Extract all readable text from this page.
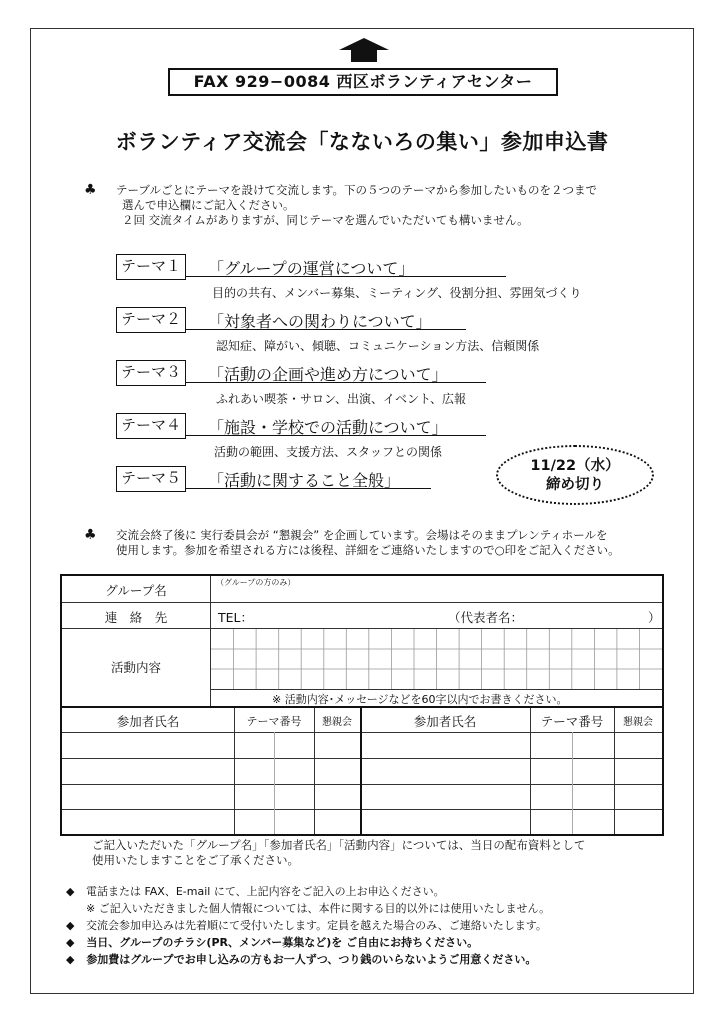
FAX 929−0084 西区ボランティアセンター
ボランティア交流会「なないろの集い」参加申込書
♣ テーブルごとにテーマを設けて交流します。下の５つのテーマから参加したいものを２つまで
選んで申込欄にご記入ください。
２回 交流タイムがありますが、同じテーマを選んでいただいても構いません。
テーマ１	「グループの運営について」
目的の共有、メンバー募集、ミーティング、役割分担、雰囲気づくり
テーマ２	「対象者への関わりについて」
認知症、障がい、傾聴、コミュニケーション方法、信頼関係
テーマ３	「活動の企画や進め方について」
ふれあい喫茶・サロン、出演、イベント、広報
テーマ４	「施設・学校での活動について」
活動の範囲、支援方法、スタッフとの関係
テーマ５	「活動に関すること全般」
11/22（水）
締め切り
♣ 交流会終了後に 実行委員会が “懇親会” を企画しています。会場はそのままプレンティホールを
使用します。参加を希望される方には後程、詳細をご連絡いたしますので○印をご記入ください。
グループ名
（グループの方のみ）
連　絡　先	TEL：	（代表者名：	）
活動内容
※ 活動内容･メッセージなどを60字以内でお書きください。
参加者氏名	テーマ番号	懇親会	参加者氏名	テーマ番号	懇親会
ご記入いただいた「グループ名」「参加者氏名」「活動内容」については、当日の配布資料として
使用いたしますことをご了承ください。
◆ 電話または FAX、E-mail にて、上記内容をご記入の上お申込ください。
※ ご記入いただきました個人情報については、本件に関する目的以外には使用いたしません。
◆ 交流会参加申込みは先着順にて受付いたします。定員を越えた場合のみ、ご連絡いたします。
◆ 当日、グループのチラシ(PR、メンバー募集など)を ご自由にお持ちください。
◆ 参加費はグループでお申し込みの方もお一人ずつ、つり銭のいらないようご用意ください。
